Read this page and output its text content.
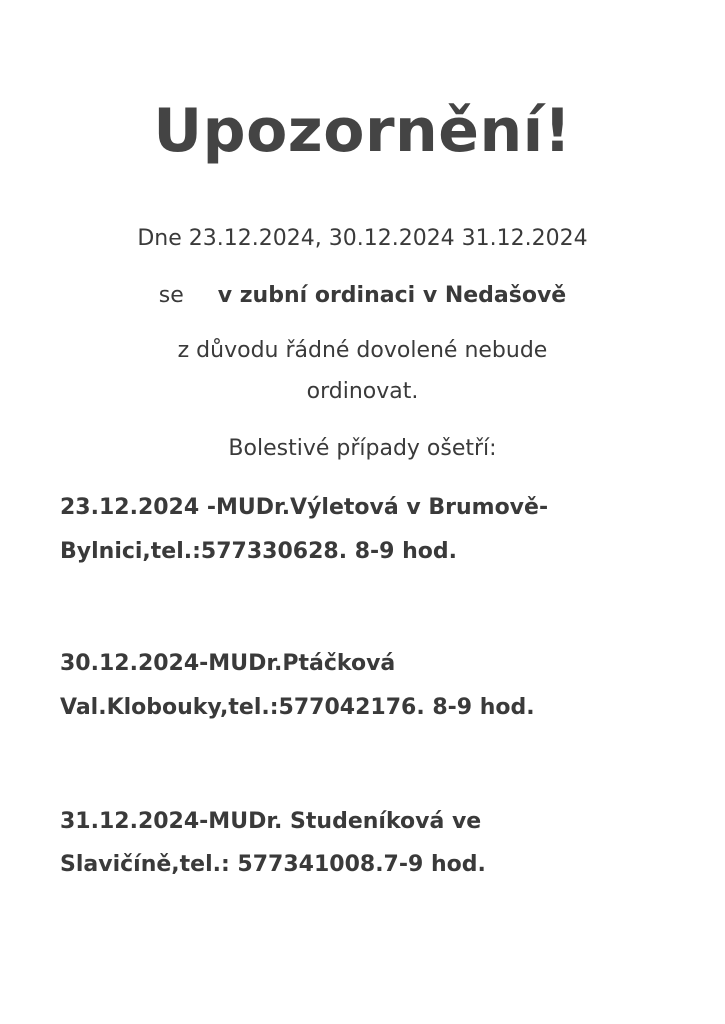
Upozornění!
Dne 23.12.2024, 30.12.2024 31.12.2024
se v zubní ordinaci v Nedašově
z důvodu řádné dovolené nebude
ordinovat.
Bolestivé případy ošetří:
23.12.2024 -MUDr.Výletová v Brumově-
Bylnici,tel.:577330628. 8-9 hod.
30.12.2024-MUDr.Ptáčková
Val.Klobouky,tel.:577042176. 8-9 hod.
31.12.2024-MUDr. Studeníková ve
Slavičíně,tel.: 577341008.7-9 hod.
